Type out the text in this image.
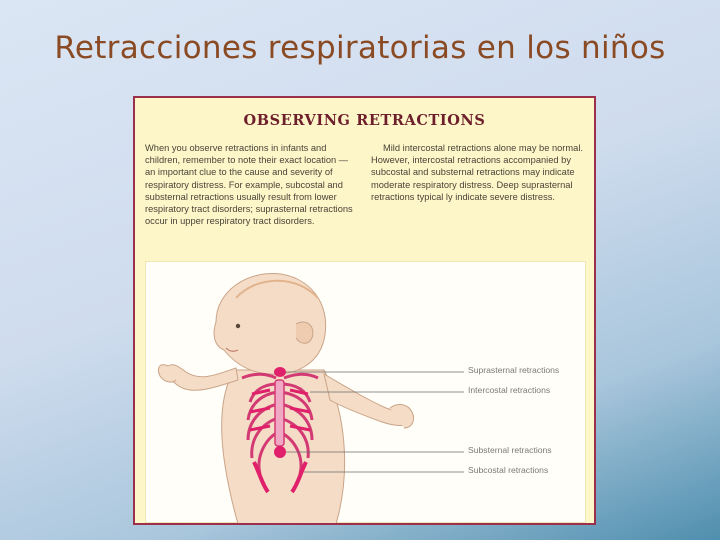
Retracciones respiratorias en los niños
OBSERVING RETRACTIONS
When you observe retractions in infants and children, remember to note their exact location — an important clue to the cause and severity of respiratory distress. For example, subcostal and substernal retractions usually result from lower respiratory tract disorders; suprasternal retractions occur in upper respiratory tract disorders.
Mild intercostal retractions alone may be normal. However, intercostal retractions accompanied by subcostal and substernal retractions may indicate moderate respiratory distress. Deep suprasternal retractions typical ly indicate severe distress.
Suprasternal retractions
Intercostal retractions
Substernal retractions
Subcostal retractions
